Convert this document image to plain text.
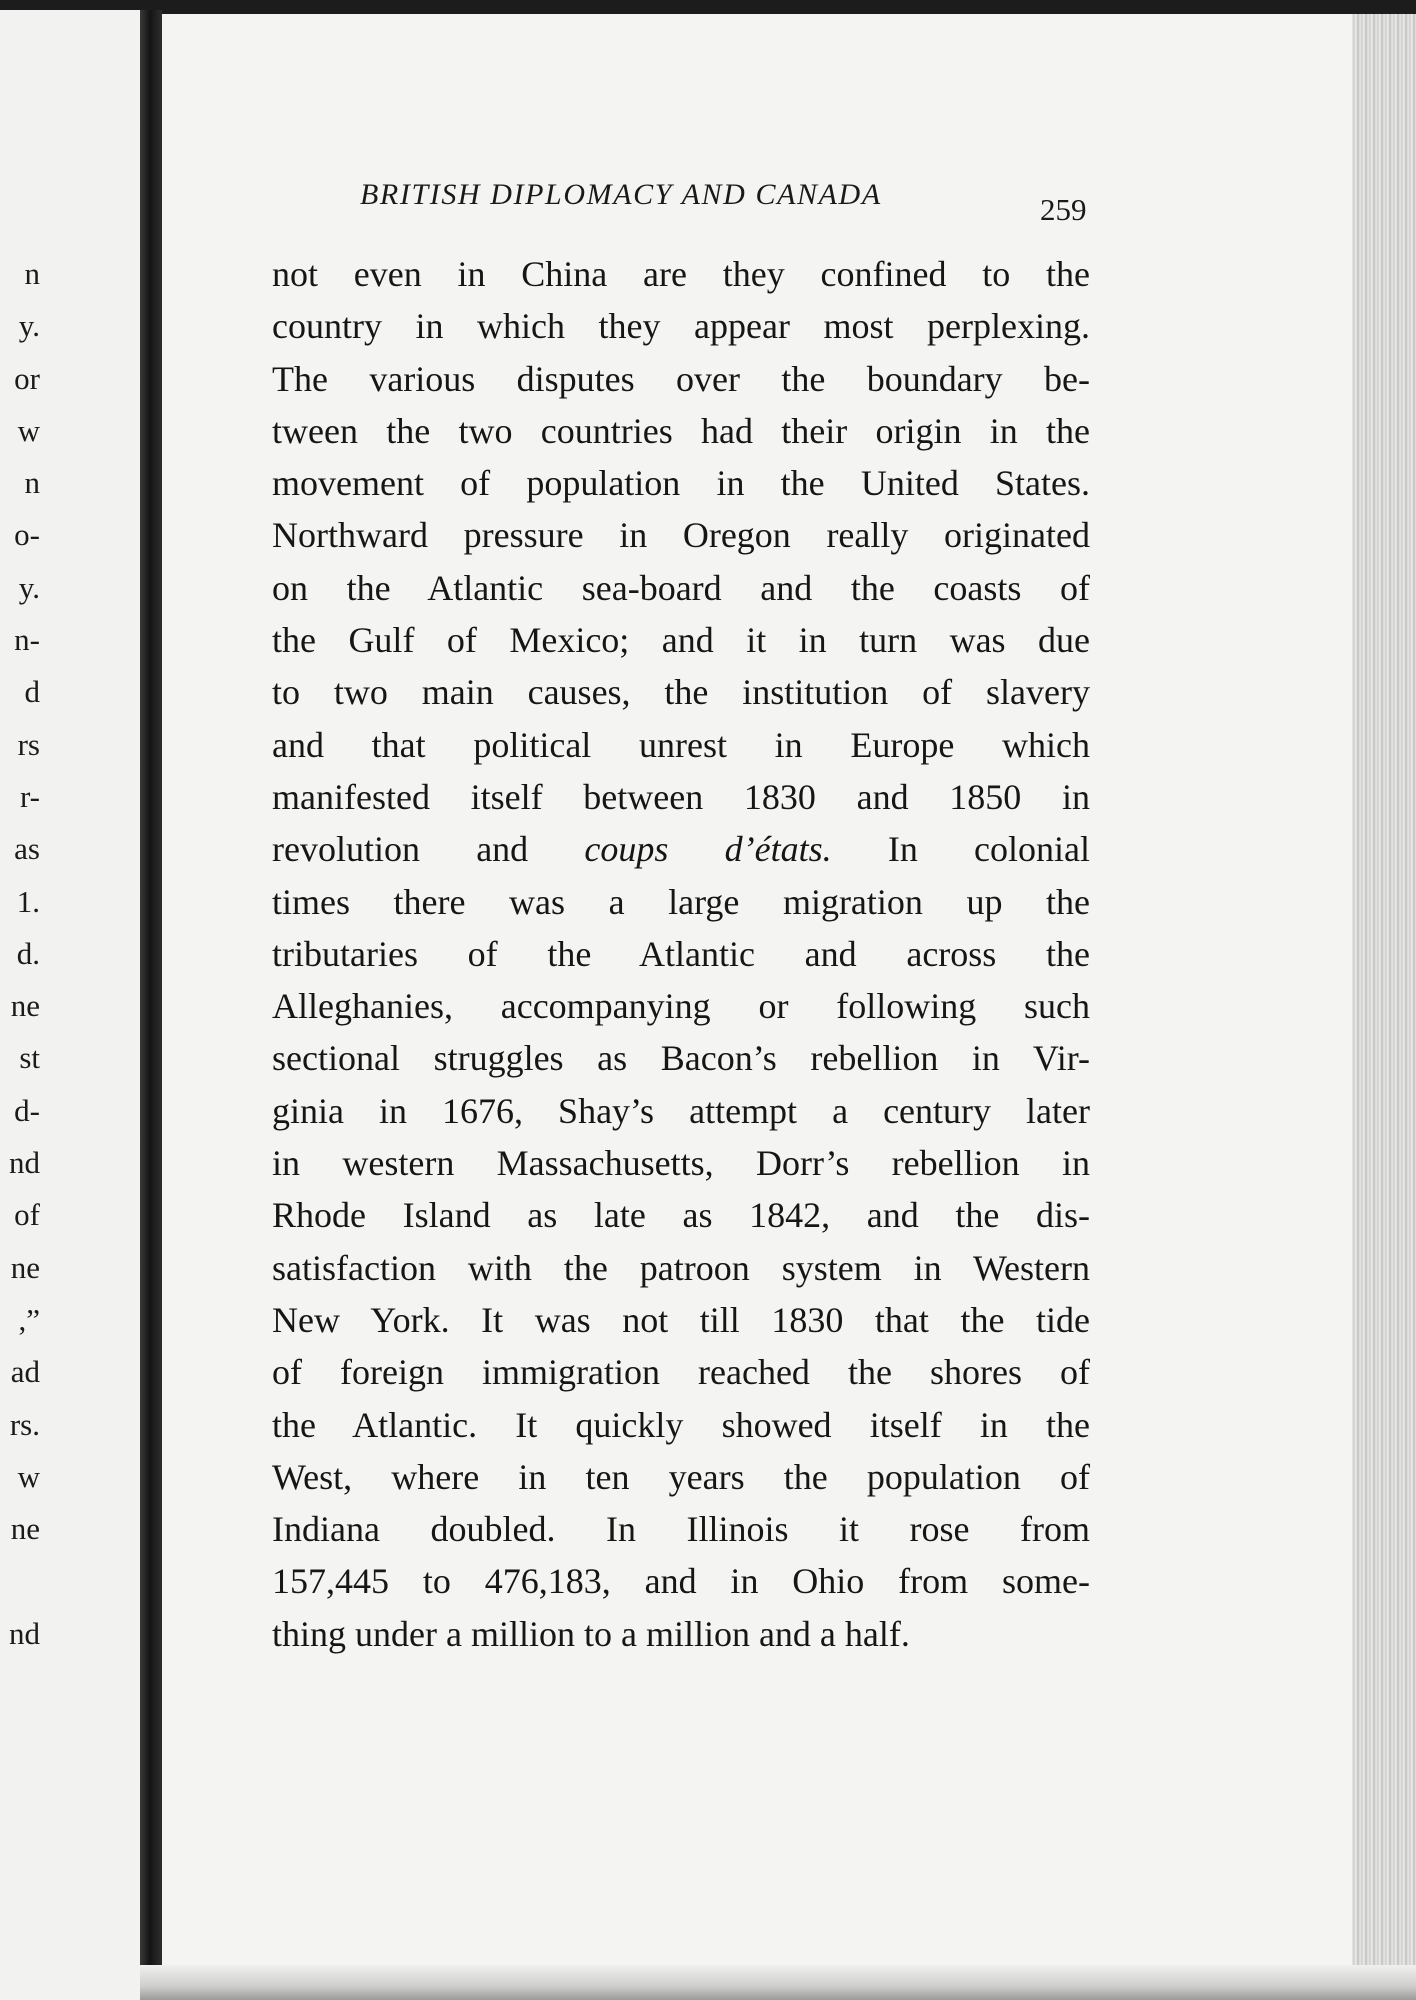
n
y.
or
w
n
o-
y.
n-
d
rs
r-
as
1.
d.
ne
st
d-
nd
of
ne
,”
ad
rs.
w
ne
nd
BRITISH DIPLOMACY AND CANADA	259
not even in China are they confined to the
country in which they appear most perplexing.
The various disputes over the boundary be-
tween the two countries had their origin in the
movement of population in the United States.
Northward pressure in Oregon really originated
on the Atlantic sea-board and the coasts of
the Gulf of Mexico; and it in turn was due
to two main causes, the institution of slavery
and that political unrest in Europe which
manifested itself between 1830 and 1850 in
revolution and coups d’états. In colonial
times there was a large migration up the
tributaries of the Atlantic and across the
Alleghanies, accompanying or following such
sectional struggles as Bacon’s rebellion in Vir-
ginia in 1676, Shay’s attempt a century later
in western Massachusetts, Dorr’s rebellion in
Rhode Island as late as 1842, and the dis-
satisfaction with the patroon system in Western
New York. It was not till 1830 that the tide
of foreign immigration reached the shores of
the Atlantic. It quickly showed itself in the
West, where in ten years the population of
Indiana doubled. In Illinois it rose from
157,445 to 476,183, and in Ohio from some-
thing under a million to a million and a half.
